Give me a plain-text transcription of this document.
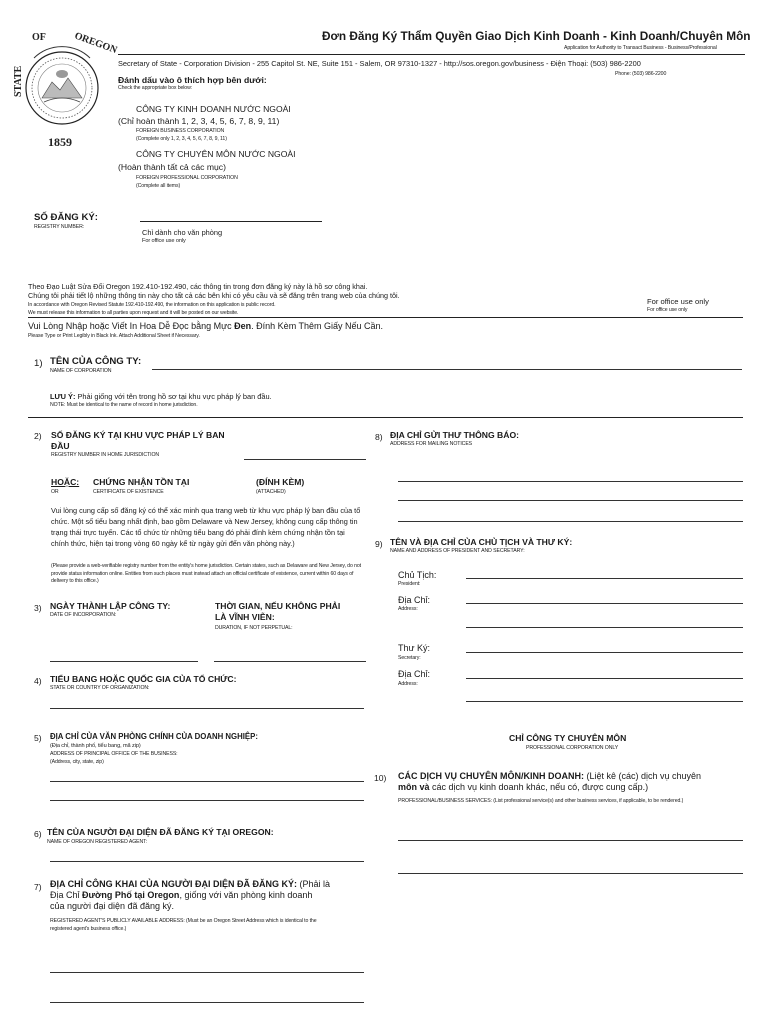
STATE
OF	OREGON
1859
Đơn Đăng Ký Thẩm Quyền Giao Dịch Kinh Doanh - Kinh Doanh/Chuyên Môn
Application for Authority to Transact Business - Business/Professional
Secretary of State - Corporation Division - 255 Capitol St. NE, Suite 151 - Salem, OR 97310-1327 - http://sos.oregon.gov/business - Điện Thoại: (503) 986-2200
Phone: (503) 986-2200
Đánh dấu vào ô thích hợp bên dưới:
Check the appropriate box below:
CÔNG TY KINH DOANH NƯỚC NGOÀI
(Chỉ hoàn thành 1, 2, 3, 4, 5, 6, 7, 8, 9, 11)
FOREIGN BUSINESS CORPORATION
(Complete only 1, 2, 3, 4, 5, 6, 7, 8, 9, 11)
CÔNG TY CHUYÊN MÔN NƯỚC NGOÀI
(Hoàn thành tất cả các mục)
FOREIGN PROFESSIONAL CORPORATION
(Complete all items)
SỐ ĐĂNG KÝ:
REGISTRY NUMBER:
Chỉ dành cho văn phòng
For office use only
Theo Đạo Luật Sửa Đổi Oregon 192.410-192.490, các thông tin trong đơn đăng ký này là hồ sơ công khai.
Chúng tôi phải tiết lộ những thông tin này cho tất cả các bên khi có yêu cầu và sẽ đăng trên trang web của chúng tôi.
In accordance with Oregon Revised Statute 192.410-192.490, the information on this application is public record.
We must release this information to all parties upon request and it will be posted on our website.
For office use only
For office use only
Vui Lòng Nhập hoặc Viết In Hoa Dễ Đọc bằng Mực Đen. Đính Kèm Thêm Giấy Nếu Cần.
Please Type or Print Legibly in Black Ink. Attach Additional Sheet if Necessary.
1) TÊN CỦA CÔNG TY:
NAME OF CORPORATION
LƯU Ý: Phải giống với tên trong hồ sơ tại khu vực pháp lý ban đầu.
NOTE: Must be identical to the name of record in home jurisdiction.
2) SỐ ĐĂNG KÝ TẠI KHU VỰC PHÁP LÝ BAN
ĐẦU
REGISTRY NUMBER IN HOME JURISDICTION
HOẶC:
OR
CHỨNG NHẬN TỒN TẠI
CERTIFICATE OF EXISTENCE
(ĐÍNH KÈM)
(ATTACHED)
Vui lòng cung cấp số đăng ký có thể xác minh qua trang web từ khu vực pháp lý ban đầu của tổ chức. Một số tiểu bang nhất định, bao gồm Delaware và New Jersey, không cung cấp thông tin trạng thái trực tuyến. Các tổ chức từ những tiểu bang đó phải đính kèm chứng nhận tồn tại chính thức, hiện tại trong vòng 60 ngày kể từ ngày gửi đến văn phòng này.)
(Please provide a web-verifiable registry number from the entity's home jurisdiction. Certain states, such as Delaware and New Jersey, do not provide status information online. Entities from such places must instead attach an official certificate of existence, current within 60 days of delivery to this office.)
3) NGÀY THÀNH LẬP CÔNG TY:
DATE OF INCORPORATION:
THỜI GIAN, NẾU KHÔNG PHẢI
LÀ VĨNH VIỄN:
DURATION, IF NOT PERPETUAL:
4) TIỂU BANG HOẶC QUỐC GIA CỦA TỔ CHỨC:
STATE OR COUNTRY OF ORGANIZATION:
5) ĐỊA CHỈ CỦA VĂN PHÒNG CHÍNH CỦA DOANH NGHIỆP:
(Địa chỉ, thành phố, tiểu bang, mã zip)
ADDRESS OF PRINCIPAL OFFICE OF THE BUSINESS:
(Address, city, state, zip)
6) TÊN CỦA NGƯỜI ĐẠI DIỆN ĐÃ ĐĂNG KÝ TẠI OREGON:
NAME OF OREGON REGISTERED AGENT:
7) ĐỊA CHỈ CÔNG KHAI CỦA NGƯỜI ĐẠI DIỆN ĐÃ ĐĂNG KÝ: (Phải là
Địa Chỉ Đường Phố tại Oregon, giống với văn phòng kinh doanh
của người đại diện đã đăng ký.
REGISTERED AGENT'S PUBLICLY AVAILABLE ADDRESS: (Must be an Oregon Street Address which is identical to the
registered agent's business office.)
8) ĐỊA CHỈ GỬI THƯ THÔNG BÁO:
ADDRESS FOR MAILING NOTICES
9) TÊN VÀ ĐỊA CHỈ CỦA CHỦ TỊCH VÀ THƯ KÝ:
NAME AND ADDRESS OF PRESIDENT AND SECRETARY:
Chủ Tịch:
President:
Địa Chỉ:
Address:
Thư Ký:
Secretary:
Địa Chỉ:
Address:
CHỈ CÔNG TY CHUYÊN MÔN
PROFESSIONAL CORPORATION ONLY
10) CÁC DỊCH VỤ CHUYÊN MÔN/KINH DOANH: (Liệt kê (các) dịch vụ chuyên
môn và các dịch vụ kinh doanh khác, nếu có, được cung cấp.)
PROFESSIONAL/BUSINESS SERVICES: (List professional service(s) and other business services, if applicable, to be rendered.)
